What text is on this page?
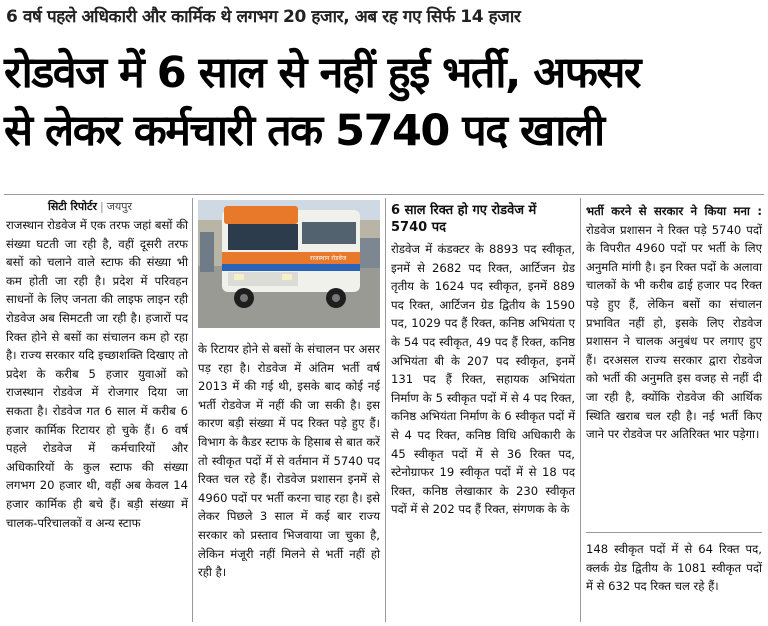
6 वर्ष पहले अधिकारी और कार्मिक थे लगभग 20 हजार, अब रह गए सिर्फ 14 हजार
रोडवेज में 6 साल से नहीं हुई भर्ती, अफसर
से लेकर कर्मचारी तक 5740 पद खाली
सिटी रिपोर्टर | जयपुर

राजस्थान रोडवेज में एक तरफ जहां बसों की संख्या घटती जा रही है, वहीं दूसरी तरफ बसों को चलाने वाले स्टाफ की संख्या भी कम होती जा रही है। प्रदेश में परिवहन साधनों के लिए जनता की लाइफ लाइन रही रोडवेज अब सिमटती जा रही है। हजारों पद रिक्त होने से बसों का संचालन कम हो रहा है। राज्य सरकार यदि इच्छाशक्ति दिखाए तो प्रदेश के करीब 5 हजार युवाओं को राजस्थान रोडवेज में रोजगार दिया जा सकता है। रोडवेज गत 6 साल में करीब 6 हजार कार्मिक रिटायर हो चुके हैं। 6 वर्ष पहले रोडवेज में कर्मचारियों और अधिकारियों के कुल स्टाफ की संख्या लगभग 20 हजार थी, वहीं अब केवल 14 हजार कार्मिक ही बचे हैं। बड़ी संख्या में चालक-परिचालकों व अन्य स्टाफ

राजस्थान रोडवेज

के रिटायर होने से बसों के संचालन पर असर पड़ रहा है। रोडवेज में अंतिम भर्ती वर्ष 2013 में की गई थी, इसके बाद कोई नई भर्ती रोडवेज में नहीं की जा सकी है। इस कारण बड़ी संख्या में पद रिक्त पड़े हुए हैं। विभाग के कैडर स्टाफ के हिसाब से बात करें तो स्वीकृत पदों में से वर्तमान में 5740 पद रिक्त चल रहे हैं। रोडवेज प्रशासन इनमें से 4960 पदों पर भर्ती करना चाह रहा है। इसे लेकर पिछले 3 साल में कई बार राज्य सरकार को प्रस्ताव भिजवाया जा चुका है, लेकिन मंजूरी नहीं मिलने से भर्ती नहीं हो रही है।

6 साल रिक्त हो गए रोडवेज में 5740 पद

रोडवेज में कंडक्टर के 8893 पद स्वीकृत, इनमें से 2682 पद रिक्त, आर्टिजन ग्रेड तृतीय के 1624 पद स्वीकृत, इनमें 889 पद रिक्त, आर्टिजन ग्रेड द्वितीय के 1590 पद, 1029 पद हैं रिक्त, कनिष्ठ अभियंता ए के 54 पद स्वीकृत, 49 पद हैं रिक्त, कनिष्ठ अभियंता बी के 207 पद स्वीकृत, इनमें 131 पद हैं रिक्त, सहायक अभियंता निर्माण के 5 स्वीकृत पदों में से 4 पद रिक्त, कनिष्ठ अभियंता निर्माण के 6 स्वीकृत पदों में से 4 पद रिक्त, कनिष्ठ विधि अधिकारी के 45 स्वीकृत पदों में से 36 रिक्त पद, स्टेनोग्राफर 19 स्वीकृत पदों में से 18 पद रिक्त, कनिष्ठ लेखाकार के 230 स्वीकृत पदों में से 202 पद हैं रिक्त, संगणक के के

भर्ती करने से सरकार ने किया मना : रोडवेज प्रशासन ने रिक्त पड़े 5740 पदों के विपरीत 4960 पदों पर भर्ती के लिए अनुमति मांगी है। इन रिक्त पदों के अलावा चालकों के भी करीब ढाई हजार पद रिक्त पड़े हुए हैं, लेकिन बसों का संचालन प्रभावित नहीं हो, इसके लिए रोडवेज प्रशासन ने चालक अनुबंध पर लगाए हुए हैं। दरअसल राज्य सरकार द्वारा रोडवेज को भर्ती की अनुमति इस वजह से नहीं दी जा रही है, क्योंकि रोडवेज की आर्थिक स्थिति खराब चल रही है। नई भर्ती किए जाने पर रोडवेज पर अतिरिक्त भार पड़ेगा।

148 स्वीकृत पदों में से 64 रिक्त पद, क्लर्क ग्रेड द्वितीय के 1081 स्वीकृत पदों में से 632 पद रिक्त चल रहे हैं।
